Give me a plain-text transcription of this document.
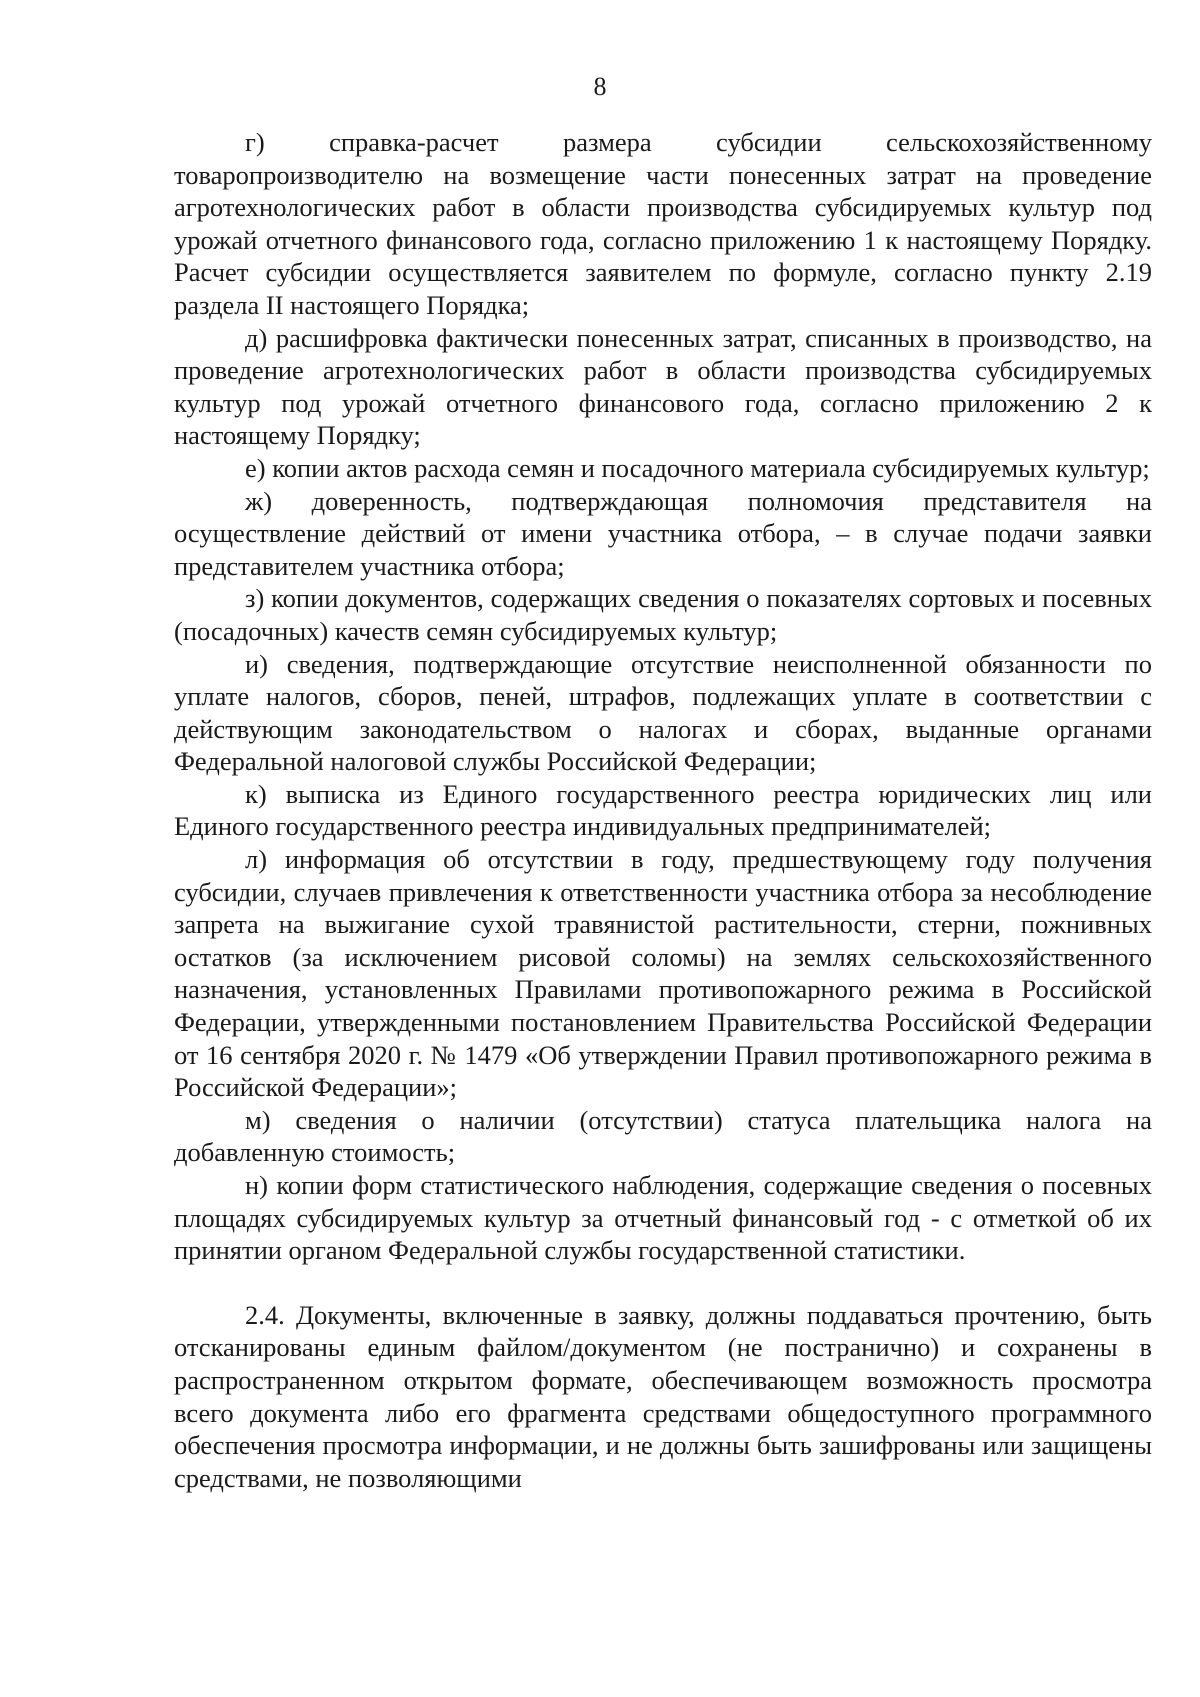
8

г) справка-расчет размера субсидии сельскохозяйственному товаропроизводителю на возмещение части понесенных затрат на проведение агротехнологических работ в области производства субсидируемых культур под урожай отчетного финансового года, согласно приложению 1 к настоящему Порядку. Расчет субсидии осуществляется заявителем по формуле, согласно пункту 2.19 раздела II настоящего Порядка;

д) расшифровка фактически понесенных затрат, списанных в производство, на проведение агротехнологических работ в области производства субсидируемых культур под урожай отчетного финансового года, согласно приложению 2 к настоящему Порядку;

е) копии актов расхода семян и посадочного материала субсидируемых культур;

ж) доверенность, подтверждающая полномочия представителя на осуществление действий от имени участника отбора, – в случае подачи заявки представителем участника отбора;

з) копии документов, содержащих сведения о показателях сортовых и посевных (посадочных) качеств семян субсидируемых культур;

и) сведения, подтверждающие отсутствие неисполненной обязанности по уплате налогов, сборов, пеней, штрафов, подлежащих уплате в соответствии с действующим законодательством о налогах и сборах, выданные органами Федеральной налоговой службы Российской Федерации;

к) выписка из Единого государственного реестра юридических лиц или Единого государственного реестра индивидуальных предпринимателей;

л) информация об отсутствии в году, предшествующему году получения субсидии, случаев привлечения к ответственности участника отбора за несоблюдение запрета на выжигание сухой травянистой растительности, стерни, пожнивных остатков (за исключением рисовой соломы) на землях сельскохозяйственного назначения, установленных Правилами противопожарного режима в Российской Федерации, утвержденными постановлением Правительства Российской Федерации от 16 сентября 2020 г. № 1479 «Об утверждении Правил противопожарного режима в Российской Федерации»;

м) сведения о наличии (отсутствии) статуса плательщика налога на добавленную стоимость;

н) копии форм статистического наблюдения, содержащие сведения о посевных площадях субсидируемых культур за отчетный финансовый год - с отметкой об их принятии органом Федеральной службы государственной статистики.

2.4. Документы, включенные в заявку, должны поддаваться прочтению, быть отсканированы единым файлом/документом (не постранично) и сохранены в распространенном открытом формате, обеспечивающем возможность просмотра всего документа либо его фрагмента средствами общедоступного программного обеспечения просмотра информации, и не должны быть зашифрованы или защищены средствами, не позволяющими
